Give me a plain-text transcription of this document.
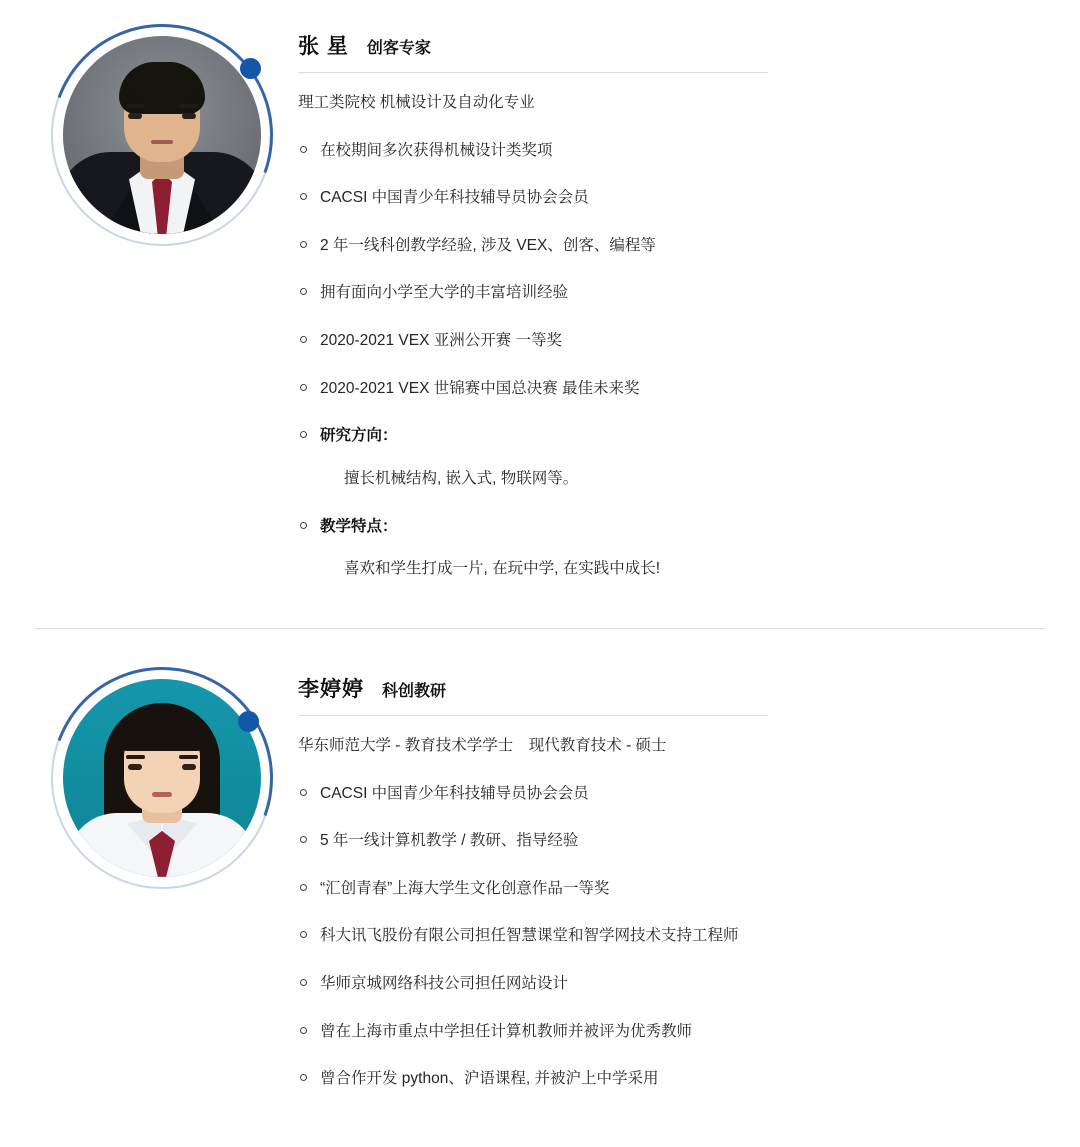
张 星 创客专家
理工类院校 机械设计及自动化专业
在校期间多次获得机械设计类奖项
CACSI 中国青少年科技辅导员协会会员
2 年一线科创教学经验, 涉及 VEX、创客、编程等
拥有面向小学至大学的丰富培训经验
2020-2021 VEX 亚洲公开赛 一等奖
2020-2021 VEX 世锦赛中国总决赛 最佳未来奖
研究方向：
擅长机械结构, 嵌入式, 物联网等。
教学特点：
喜欢和学生打成一片, 在玩中学, 在实践中成长!
李婷婷 科创教研
华东师范大学 - 教育技术学学士　现代教育技术 - 硕士
CACSI 中国青少年科技辅导员协会会员
5 年一线计算机教学 / 教研、指导经验
“汇创青春”上海大学生文化创意作品一等奖
科大讯飞股份有限公司担任智慧课堂和智学网技术支持工程师
华师京城网络科技公司担任网站设计
曾在上海市重点中学担任计算机教师并被评为优秀教师
曾合作开发 python、沪语课程, 并被沪上中学采用
